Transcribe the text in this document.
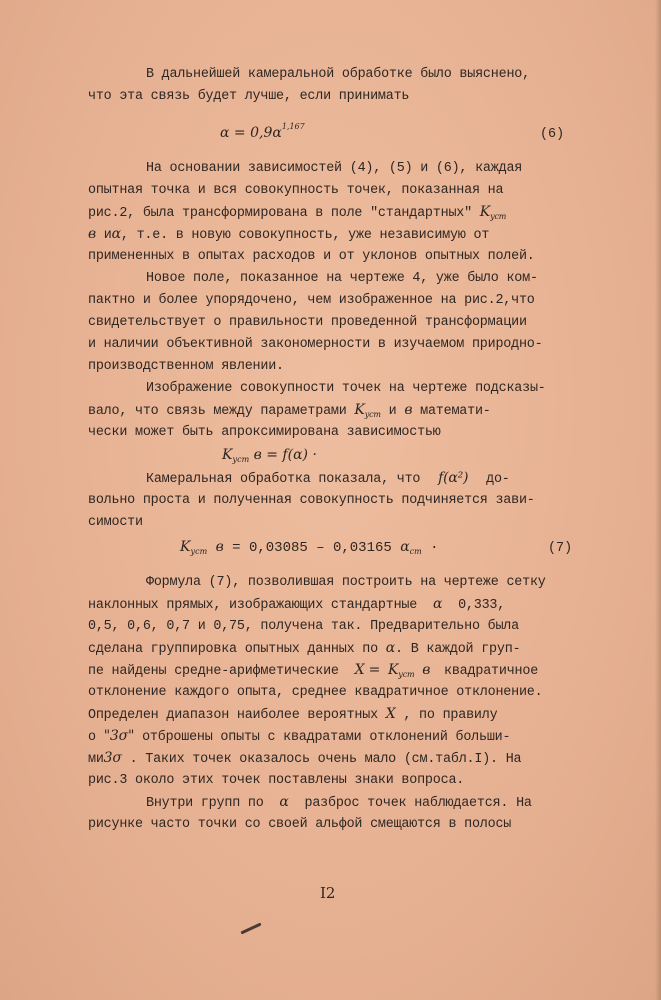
В дальнейшей камеральной обработке было выяснено,
что эта связь будет лучше, если принимать
$\alpha = 0,9\alpha^{1,167}$
(6)
На основании зависимостей (4), (5) и (6), каждая
опытная точка и вся совокупность точек, показанная на
рис.2, была трансформирована в поле "стандартных" $K_{уст}$
в иα, т.е. в новую совокупность, уже независимую от
примененных в опытах расходов и от уклонов опытных полей.
Новое поле, показанное на чертеже 4, уже было ком-
пактно и более упорядочено, чем изображенное на рис.2,что
свидетельствует о правильности проведенной трансформации
и наличии объективной закономерности в изучаемом природно-
производственном явлении.
Изображение совокупности точек на чертеже подсказы-
вало, что связь между параметрами $K_{уст}$ и в математи-
чески может быть апроксимирована зависимостью
$K_{уст}$ в = f(α) ·
Камеральная обработка показала, что f(α²) до-
вольно проста и полученная совокупность подчиняется зави-
симости
$K_{уст}$ в = 0,03085 – 0,03165 $\alpha_{ст}$ ·	(7)
Формула (7), позволившая построить на чертеже сетку
наклонных прямых, изображающих стандартные α 0,333,
0,5, 0,6, 0,7 и 0,75, получена так. Предварительно была
сделана группировка опытных данных по α. В каждой груп-
пе найдены средне-арифметические $X = K_{уст}$ в квадратичное
отклонение каждого опыта, среднее квадратичное отклонение.
Определен диапазон наиболее вероятных X , по правилу
о "3σ" отброшены опыты с квадратами отклонений больши-
ми3σ . Таких точек оказалось очень мало (см.табл.I). На
рис.3 около этих точек поставлены знаки вопроса.
Внутри групп по α разброс точек наблюдается. На
рисунке часто точки со своей альфой смещаются в полосы
I2
